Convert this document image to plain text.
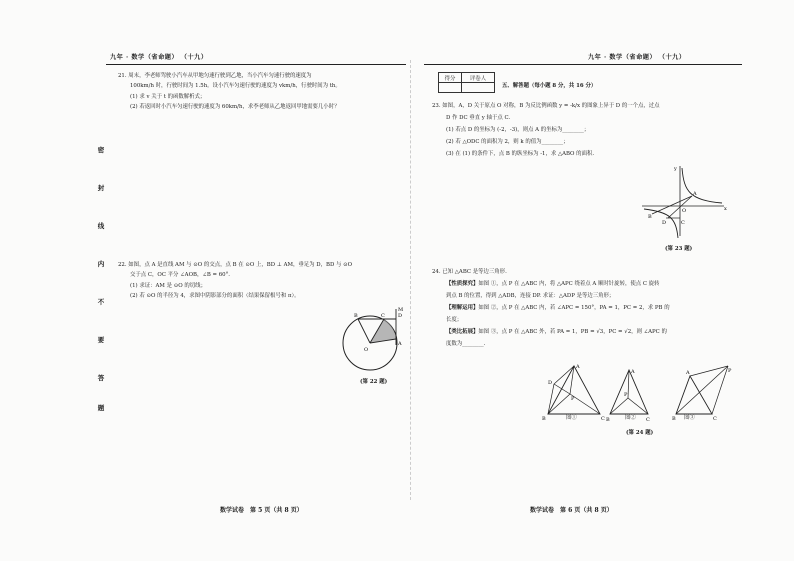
九年 · 数学（省命题） （十九）	九年 · 数学（省命题） （十九）
密
封
线
内
不
要
答
题
21. 周末，李老师驾驶小汽车从甲地匀速行驶到乙地，当小汽车匀速行驶的速度为
100km/h 时，行驶时间为 1.5h。设小汽车匀速行驶的速度为 vkm/h，行驶时间为 th。
(1) 求 v 关于 t 的函数解析式；
(2) 若返回时小汽车匀速行驶的速度为 60km/h，求李老师从乙地返回甲地需要几小时？
22. 如图，点 A 是直线 AM 与 ⊙O 的交点，点 B 在 ⊙O 上，BD ⊥ AM，垂足为 D，BD 与 ⊙O
交于点 C，OC 平分 ∠AOB，∠B = 60°.
(1) 求证：AM 是 ⊙O 的切线；
(2) 若 ⊙O 的半径为 4，求图中阴影部分的面积（结果保留根号和 π）。
B	C	D
M
A
O
(第 22 题)
数学试卷　第 5 页（共 8 页）
得分	评卷人

五、解答题（每小题 8 分，共 16 分）
23. 如图，A，D 关于原点 O 对称，B 为反比例函数 y = -k/x 的图象上异于 D 的一个点，过点
D 作 DC 垂直 y 轴于点 C.
(1) 若点 D 的坐标为 (-2，-3)，则点 A 的坐标为________；
(2) 若 △ODC 的面积为 2，则 k 的值为________；
(3) 在 (1) 的条件下，点 B 的纵坐标为 -1，求 △ABO 的面积.
x
y
O
A
B
D	C
(第 23 题)
24. 已知 △ABC 是等边三角形.
【性质探究】如图 ①，点 P 在 △ABC 内，将 △APC 绕着点 A 顺时针旋转，使点 C 旋转
到点 B 的位置，得到 △ADB，连接 DP. 求证：△ADP 是等边三角形；
【理解运用】如图 ②，点 P 在 △ABC 内，若 ∠APC = 150°，PA = 1，PC = 2，求 PB 的
长度；
【类比拓展】如图 ③，点 P 在 △ABC 外，若 PA = 1，PB = √3，PC = √2，则 ∠APC 的
度数为________.
A
D
P
B	C
A
P
B	C
A	P
B	C
图①	图②	图③
(第 24 题)
数学试卷　第 6 页（共 8 页）
